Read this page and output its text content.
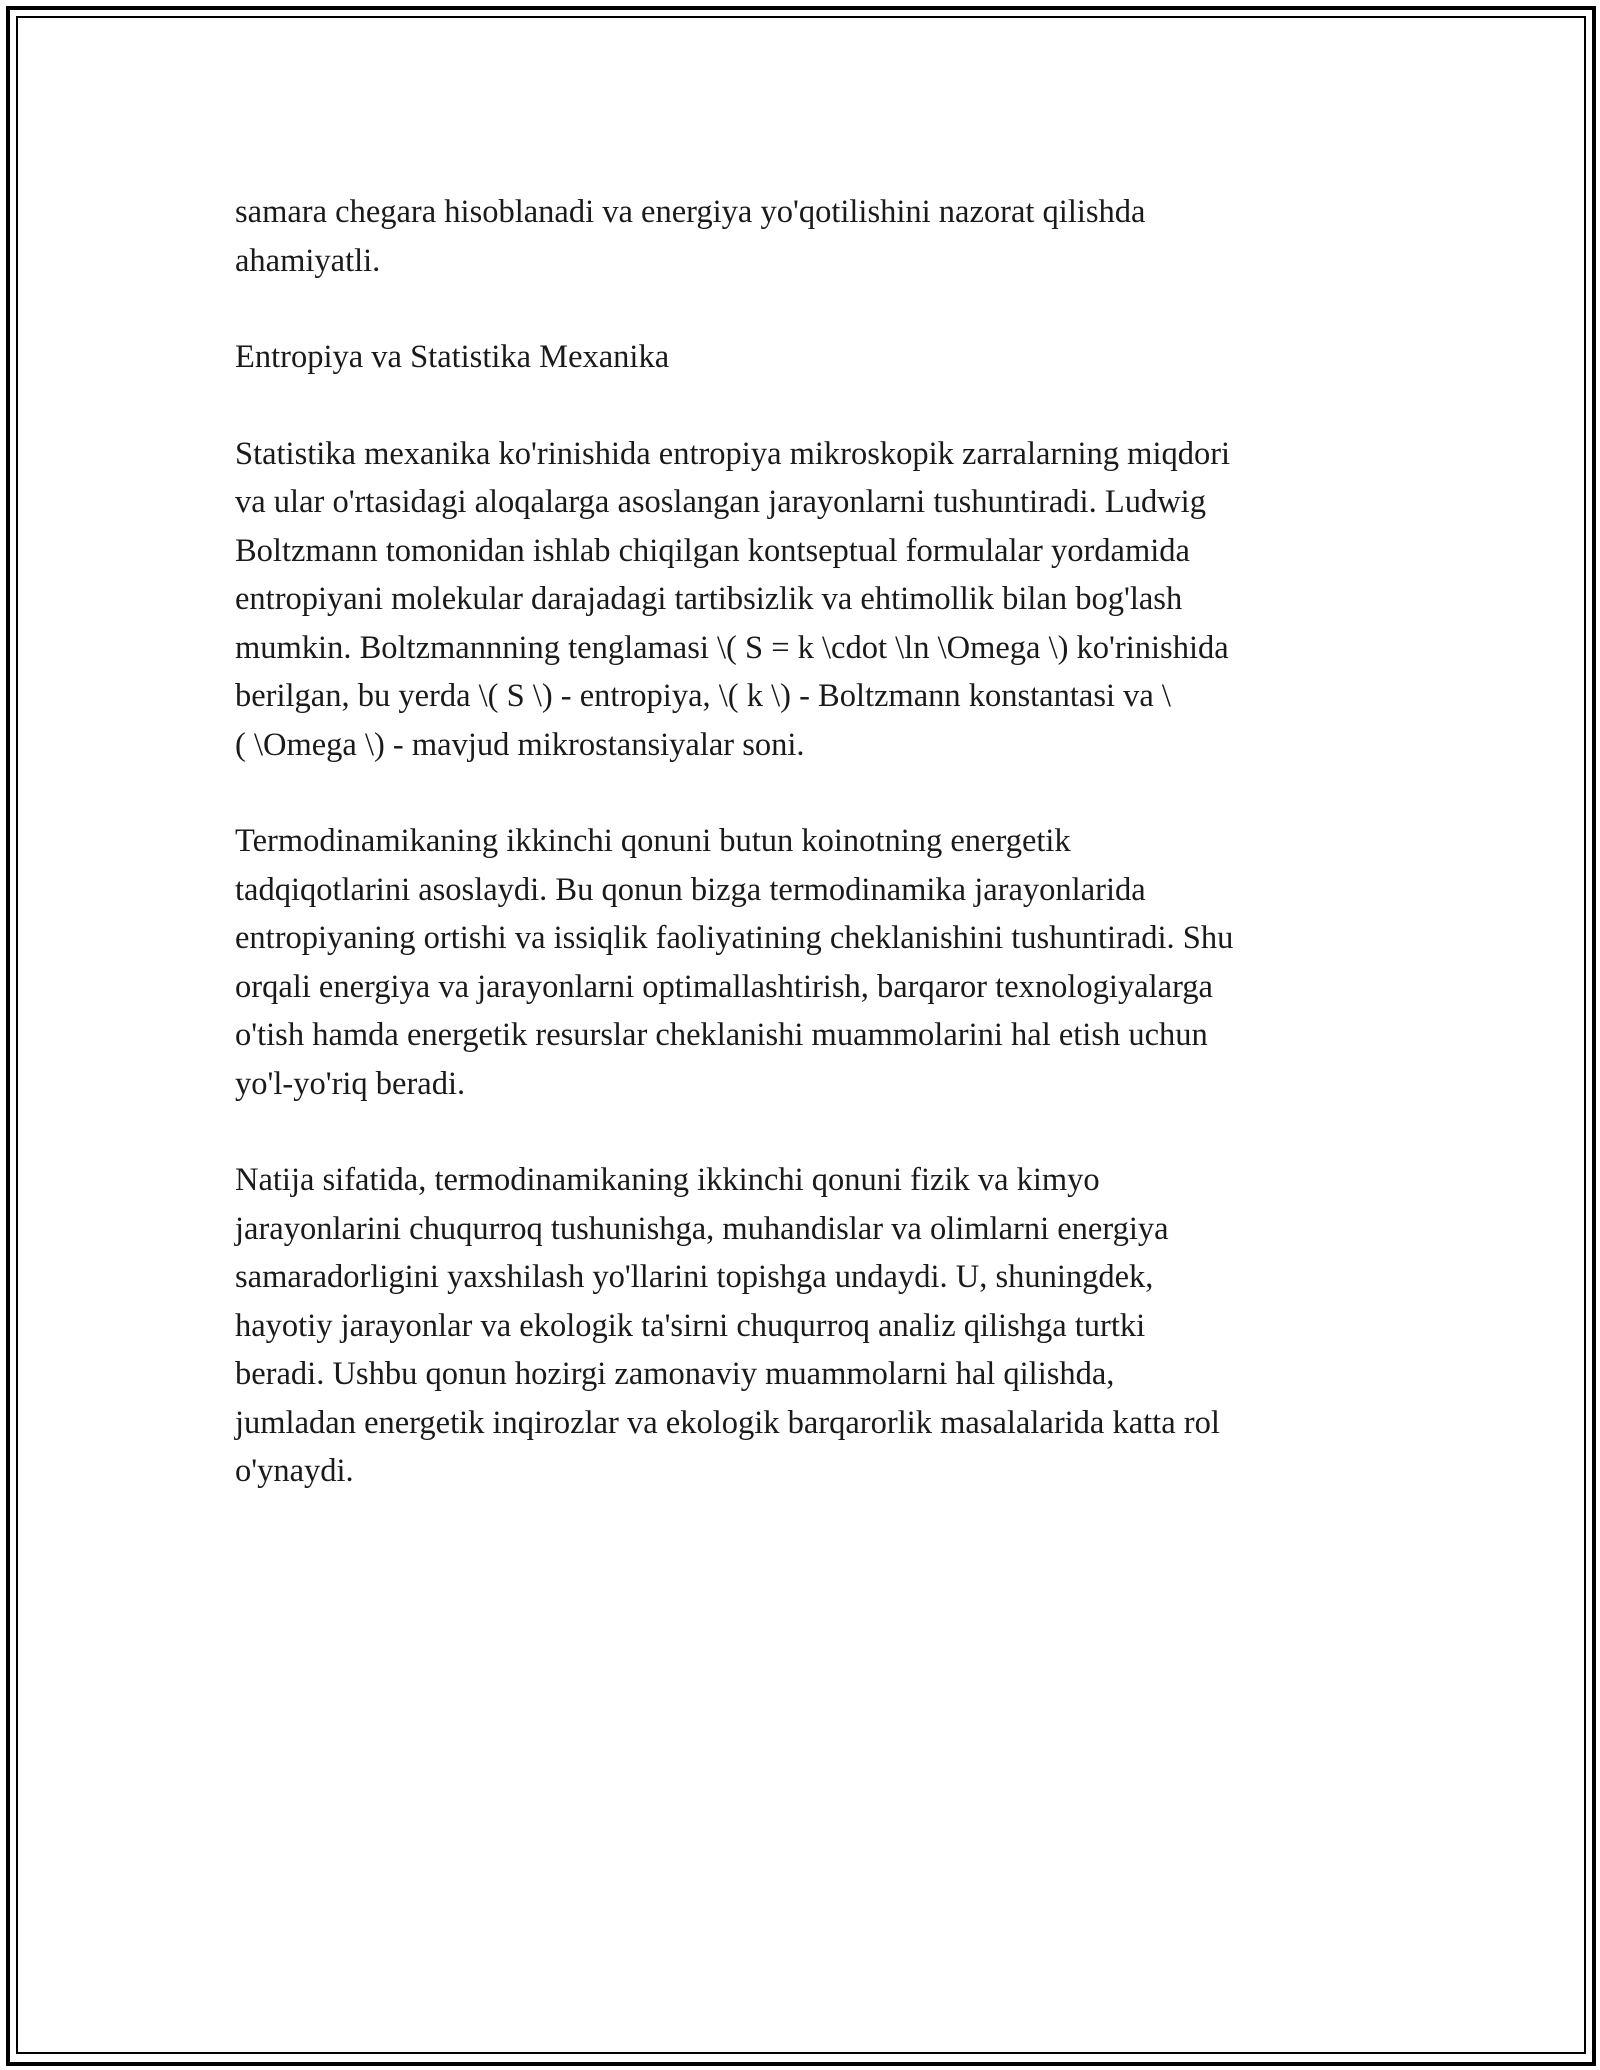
samara chegara hisoblanadi va energiya yo'qotilishini nazorat qilishda
ahamiyatli.

Entropiya va Statistika Mexanika

Statistika mexanika ko'rinishida entropiya mikroskopik zarralarning miqdori
va ular o'rtasidagi aloqalarga asoslangan jarayonlarni tushuntiradi. Ludwig
Boltzmann tomonidan ishlab chiqilgan kontseptual formulalar yordamida
entropiyani molekular darajadagi tartibsizlik va ehtimollik bilan bog'lash
mumkin. Boltzmannning tenglamasi \( S = k \cdot \ln \Omega \) ko'rinishida
berilgan, bu yerda \( S \) - entropiya, \( k \) - Boltzmann konstantasi va \
( \Omega \) - mavjud mikrostansiyalar soni.

Termodinamikaning ikkinchi qonuni butun koinotning energetik
tadqiqotlarini asoslaydi. Bu qonun bizga termodinamika jarayonlarida
entropiyaning ortishi va issiqlik faoliyatining cheklanishini tushuntiradi. Shu
orqali energiya va jarayonlarni optimallashtirish, barqaror texnologiyalarga
o'tish hamda energetik resurslar cheklanishi muammolarini hal etish uchun
yo'l-yo'riq beradi.

Natija sifatida, termodinamikaning ikkinchi qonuni fizik va kimyo
jarayonlarini chuqurroq tushunishga, muhandislar va olimlarni energiya
samaradorligini yaxshilash yo'llarini topishga undaydi. U, shuningdek,
hayotiy jarayonlar va ekologik ta'sirni chuqurroq analiz qilishga turtki
beradi. Ushbu qonun hozirgi zamonaviy muammolarni hal qilishda,
jumladan energetik inqirozlar va ekologik barqarorlik masalalarida katta rol
o'ynaydi.
